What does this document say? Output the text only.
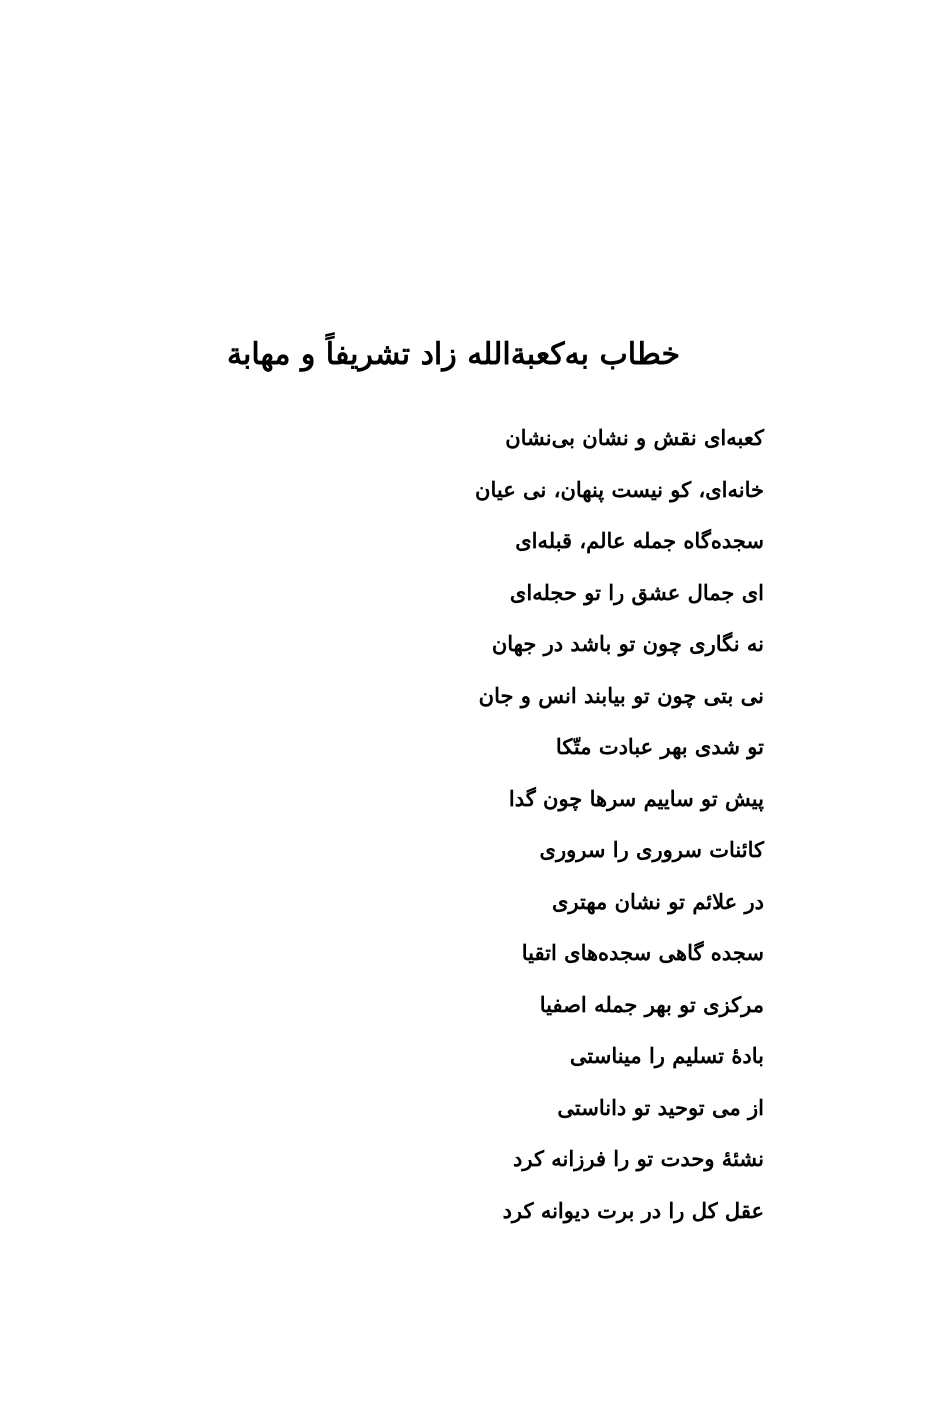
خطاب به‌کعبة‌الله زاد تشریفاً و مهابة
کعبه‌ای نقش و نشان بی‌نشان
خانه‌ای، کو نیست پنهان، نی عیان
سجده‌گاه جمله عالم، قبله‌ای
ای جمال عشق را تو حجله‌ای
نه نگاری چون تو باشد در جهان
نی بتی چون تو بیابند انس و جان
تو شدی بهر عبادت متّکا
پیش تو ساییم سرها چون گدا
کائنات سروری را سروری
در علائم تو نشان مهتری
سجده گاهی سجده‌های اتقیا
مرکزی تو بهر جمله اصفیا
بادهٔ تسلیم را میناستی
از می توحید تو داناستی
نشئهٔ وحدت تو را فرزانه کرد
عقل کل را در برت دیوانه کرد
